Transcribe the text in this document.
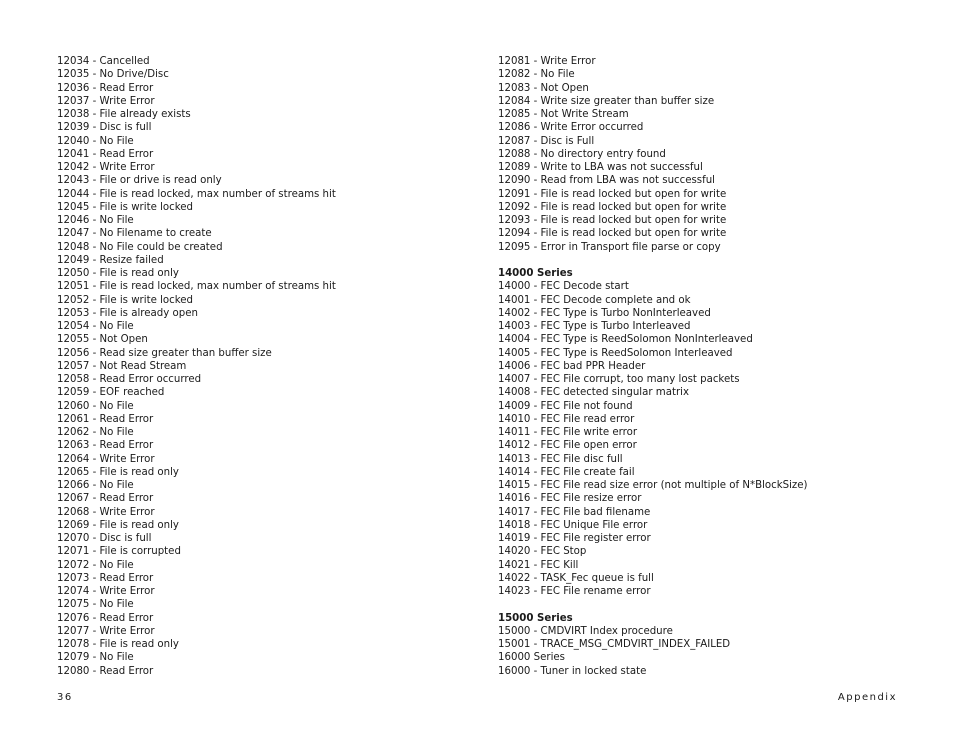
12034 - Cancelled
12035 - No Drive/Disc
12036 - Read Error
12037 - Write Error
12038 - File already exists
12039 - Disc is full
12040 - No File
12041 - Read Error
12042 - Write Error
12043 - File or drive is read only
12044 - File is read locked, max number of streams hit
12045 - File is write locked
12046 - No File
12047 - No Filename to create
12048 - No File could be created
12049 - Resize failed
12050 - File is read only
12051 - File is read locked, max number of streams hit
12052 - File is write locked
12053 - File is already open
12054 - No File
12055 - Not Open
12056 - Read size greater than buffer size
12057 - Not Read Stream
12058 - Read Error occurred
12059 - EOF reached
12060 - No File
12061 - Read Error
12062 - No File
12063 - Read Error
12064 - Write Error
12065 - File is read only
12066 - No File
12067 - Read Error
12068 - Write Error
12069 - File is read only
12070 - Disc is full
12071 - File is corrupted
12072 - No File
12073 - Read Error
12074 - Write Error
12075 - No File
12076 - Read Error
12077 - Write Error
12078 - File is read only
12079 - No File
12080 - Read Error
12081 - Write Error
12082 - No File
12083 - Not Open
12084 - Write size greater than buffer size
12085 - Not Write Stream
12086 - Write Error occurred
12087 - Disc is Full
12088 - No directory entry found
12089 - Write to LBA was not successful
12090 - Read from LBA was not successful
12091 - File is read locked but open for write
12092 - File is read locked but open for write
12093 - File is read locked but open for write
12094 - File is read locked but open for write
12095 - Error in Transport file parse or copy
14000 Series
14000 - FEC Decode start
14001 - FEC Decode complete and ok
14002 - FEC Type is Turbo NonInterleaved
14003 - FEC Type is Turbo Interleaved
14004 - FEC Type is ReedSolomon NonInterleaved
14005 - FEC Type is ReedSolomon Interleaved
14006 - FEC bad PPR Header
14007 - FEC File corrupt, too many lost packets
14008 - FEC detected singular matrix
14009 - FEC File not found
14010 - FEC File read error
14011 - FEC File write error
14012 - FEC File open error
14013 - FEC File disc full
14014 - FEC File create fail
14015 - FEC File read size error (not multiple of N*BlockSize)
14016 - FEC File resize error
14017 - FEC File bad filename
14018 - FEC Unique File error
14019 - FEC File register error
14020 - FEC Stop
14021 - FEC Kill
14022 - TASK_Fec queue is full
14023 - FEC File rename error
15000 Series
15000 - CMDVIRT Index procedure
15001 - TRACE_MSG_CMDVIRT_INDEX_FAILED
16000 Series
16000 - Tuner in locked state
36	Appendix
